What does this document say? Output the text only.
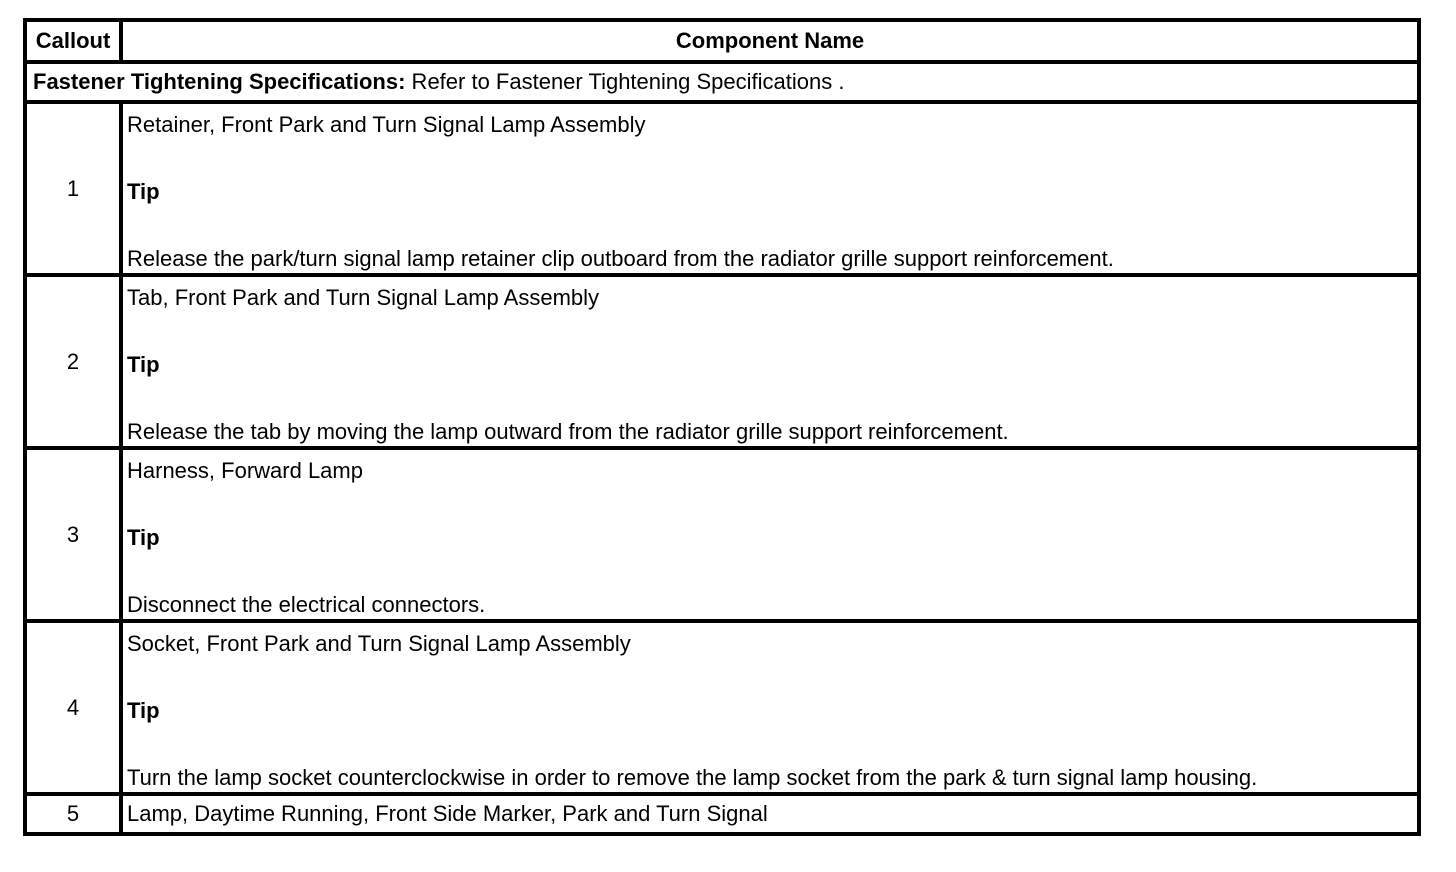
Callout	Component Name
Fastener Tightening Specifications: Refer to Fastener Tightening Specifications .	
1	Retainer, Front Park and Turn Signal Lamp Assembly
Tip
Release the park/turn signal lamp retainer clip outboard from the radiator grille support reinforcement.

2	Tab, Front Park and Turn Signal Lamp Assembly
Tip
Release the tab by moving the lamp outward from the radiator grille support reinforcement.

3	Harness, Forward Lamp
Tip
Disconnect the electrical connectors.

4	Socket, Front Park and Turn Signal Lamp Assembly
Tip
Turn the lamp socket counterclockwise in order to remove the lamp socket from the park & turn signal lamp housing.

5	Lamp, Daytime Running, Front Side Marker, Park and Turn Signal
